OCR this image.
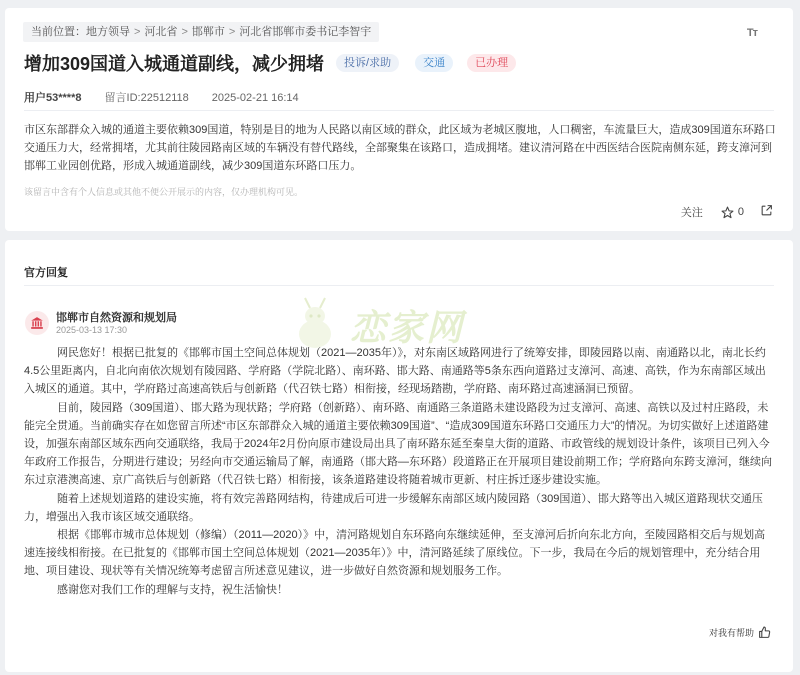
当前位置： 地方领导 > 河北省 > 邯郸市 > 河北省邯郸市委书记李智宇	Tт
增加309国道入城通道副线，减少拥堵	投诉/求助	交通	已办理
用户53****8 留言ID:22512118 2025-02-21 16:14
市区东部群众入城的通道主要依赖309国道，特别是目的地为人民路以南区域的群众，此区域为老城区腹地，人口稠密，车流量巨大，造成309国道东环路口交通压力大，经常拥堵，尤其前往陵园路南区域的车辆没有替代路线，全部聚集在该路口，造成拥堵。建议清河路在中西医结合医院南侧东延，跨支漳河到邯郸工业园创优路，形成入城通道副线，减少309国道东环路口压力。
该留言中含有个人信息或其他不便公开展示的内容，仅办理机构可见。
关注	0
官方回复
邯郸市自然资源和规划局
2025-03-13 17:30	恋家网

网民您好！根据已批复的《邯郸市国土空间总体规划（2021—2035年）》，对东南区域路网进行了统筹安排，即陵园路以南、南通路以北，南北长约4.5公里距离内，自北向南依次规划有陵园路、学府路（学院北路）、南环路、邯大路、南通路等5条东西向道路过支漳河、高速、高铁，作为东南部区域出入城区的通道。其中，学府路过高速高铁后与创新路（代召铁七路）相衔接，经现场踏勘，学府路、南环路过高速涵洞已预留。

目前，陵园路（309国道）、邯大路为现状路；学府路（创新路）、南环路、南通路三条道路未建设路段为过支漳河、高速、高铁以及过村庄路段，未能完全贯通。当前确实存在如您留言所述“市区东部群众入城的通道主要依赖309国道”、“造成309国道东环路口交通压力大”的情况。为切实做好上述道路建设，加强东南部区域东西向交通联络，我局于2024年2月份向原市建设局出具了南环路东延至秦皇大街的道路、市政管线的规划设计条件，该项目已列入今年政府工作报告，分期进行建设；另经向市交通运输局了解，南通路（邯大路—东环路）段道路正在开展项目建设前期工作；学府路向东跨支漳河，继续向东过京港澳高速、京广高铁后与创新路（代召铁七路）相衔接，该条道路建设将随着城市更新、村庄拆迁逐步建设实施。

随着上述规划道路的建设实施，将有效完善路网结构，待建成后可进一步缓解东南部区域内陵园路（309国道）、邯大路等出入城区道路现状交通压力，增强出入我市该区域交通联络。

根据《邯郸市城市总体规划（修编）（2011—2020）》中，清河路规划自东环路向东继续延伸，至支漳河后折向东北方向，至陵园路相交后与规划高速连接线相衔接。在已批复的《邯郸市国土空间总体规划（2021—2035年）》中，清河路延续了原线位。下一步，我局在今后的规划管理中，充分结合用地、项目建设、现状等有关情况统筹考虑留言所述意见建议，进一步做好自然资源和规划服务工作。

感谢您对我们工作的理解与支持，祝生活愉快！

对我有帮助
